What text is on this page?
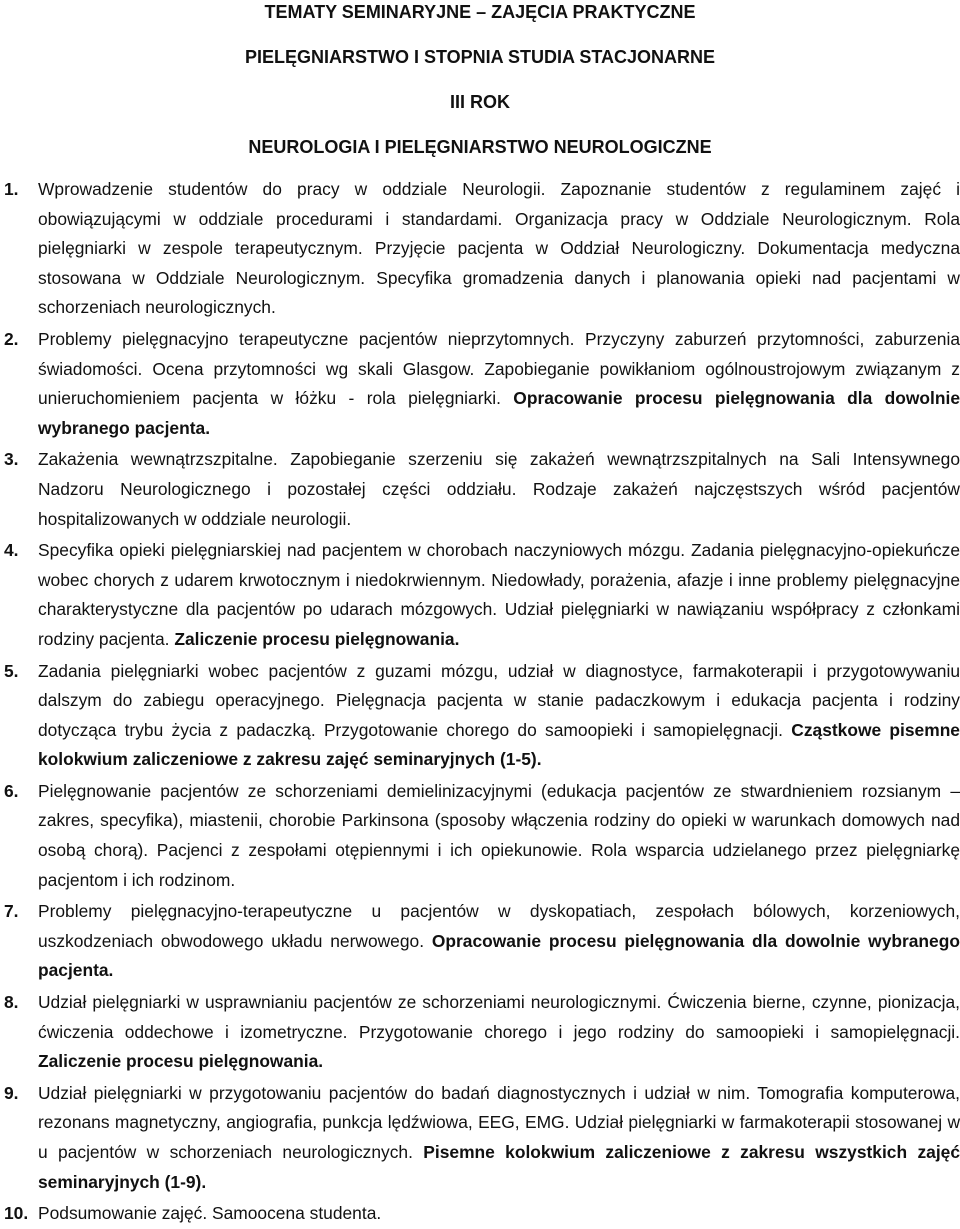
TEMATY SEMINARYJNE – ZAJĘCIA PRAKTYCZNE
PIELĘGNIARSTWO I STOPNIA STUDIA STACJONARNE
III ROK
NEUROLOGIA I PIELĘGNIARSTWO NEUROLOGICZNE
1. Wprowadzenie studentów do pracy w oddziale Neurologii. Zapoznanie studentów z regulaminem zajęć i obowiązującymi w oddziale procedurami i standardami. Organizacja pracy w Oddziale Neurologicznym. Rola pielęgniarki w zespole terapeutycznym. Przyjęcie pacjenta w Oddział Neurologiczny. Dokumentacja medyczna stosowana w Oddziale Neurologicznym. Specyfika gromadzenia danych i planowania opieki nad pacjentami w schorzeniach neurologicznych.
2. Problemy pielęgnacyjno terapeutyczne pacjentów nieprzytomnych. Przyczyny zaburzeń przytomności, zaburzenia świadomości. Ocena przytomności wg skali Glasgow. Zapobieganie powikłaniom ogólnoustrojowym związanym z unieruchomieniem pacjenta w łóżku - rola pielęgniarki. Opracowanie procesu pielęgnowania dla dowolnie wybranego pacjenta.
3. Zakażenia wewnątrzszpitalne. Zapobieganie szerzeniu się zakażeń wewnątrzszpitalnych na Sali Intensywnego Nadzoru Neurologicznego i pozostałej części oddziału. Rodzaje zakażeń najczęstszych wśród pacjentów hospitalizowanych w oddziale neurologii.
4. Specyfika opieki pielęgniarskiej nad pacjentem w chorobach naczyniowych mózgu. Zadania pielęgnacyjno-opiekuńcze wobec chorych z udarem krwotocznym i niedokrwiennym. Niedowłady, porażenia, afazje i inne problemy pielęgnacyjne charakterystyczne dla pacjentów po udarach mózgowych. Udział pielęgniarki w nawiązaniu współpracy z członkami rodziny pacjenta. Zaliczenie procesu pielęgnowania.
5. Zadania pielęgniarki wobec pacjentów z guzami mózgu, udział w diagnostyce, farmakoterapii i przygotowywaniu dalszym do zabiegu operacyjnego. Pielęgnacja pacjenta w stanie padaczkowym i edukacja pacjenta i rodziny dotycząca trybu życia z padaczką. Przygotowanie chorego do samoopieki i samopielęgnacji. Cząstkowe pisemne kolokwium zaliczeniowe z zakresu zajęć seminaryjnych (1-5).
6. Pielęgnowanie pacjentów ze schorzeniami demielinizacyjnymi (edukacja pacjentów ze stwardnieniem rozsianym – zakres, specyfika), miastenii, chorobie Parkinsona (sposoby włączenia rodziny do opieki w warunkach domowych nad osobą chorą). Pacjenci z zespołami otępiennymi i ich opiekunowie. Rola wsparcia udzielanego przez pielęgniarkę pacjentom i ich rodzinom.
7. Problemy pielęgnacyjno-terapeutyczne u pacjentów w dyskopatiach, zespołach bólowych, korzeniowych, uszkodzeniach obwodowego układu nerwowego. Opracowanie procesu pielęgnowania dla dowolnie wybranego pacjenta.
8. Udział pielęgniarki w usprawnianiu pacjentów ze schorzeniami neurologicznymi. Ćwiczenia bierne, czynne, pionizacja, ćwiczenia oddechowe i izometryczne. Przygotowanie chorego i jego rodziny do samoopieki i samopielęgnacji. Zaliczenie procesu pielęgnowania.
9. Udział pielęgniarki w przygotowaniu pacjentów do badań diagnostycznych i udział w nim. Tomografia komputerowa, rezonans magnetyczny, angiografia, punkcja lędźwiowa, EEG, EMG. Udział pielęgniarki w farmakoterapii stosowanej w u pacjentów w schorzeniach neurologicznych. Pisemne kolokwium zaliczeniowe z zakresu wszystkich zajęć seminaryjnych (1-9).
10. Podsumowanie zajęć. Samoocena studenta.
